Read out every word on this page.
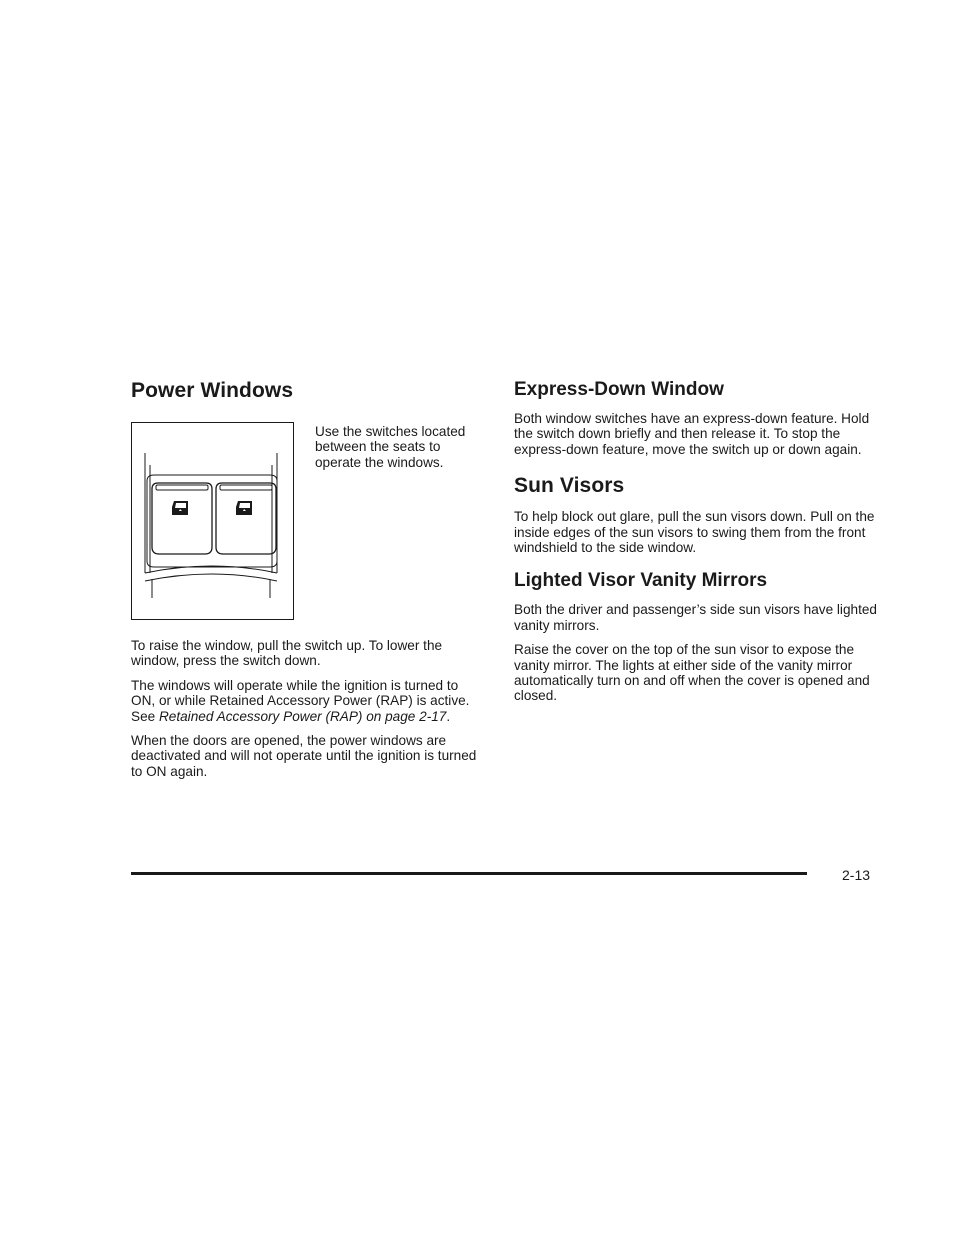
Power Windows

Use the switches located between the seats to operate the windows.

To raise the window, pull the switch up. To lower the window, press the switch down.

The windows will operate while the ignition is turned to ON, or while Retained Accessory Power (RAP) is active. See Retained Accessory Power (RAP) on page 2-17.

When the doors are opened, the power windows are deactivated and will not operate until the ignition is turned to ON again.

Express-Down Window

Both window switches have an express-down feature. Hold the switch down briefly and then release it. To stop the express-down feature, move the switch up or down again.

Sun Visors

To help block out glare, pull the sun visors down. Pull on the inside edges of the sun visors to swing them from the front windshield to the side window.

Lighted Visor Vanity Mirrors

Both the driver and passenger’s side sun visors have lighted vanity mirrors.

Raise the cover on the top of the sun visor to expose the vanity mirror. The lights at either side of the vanity mirror automatically turn on and off when the cover is opened and closed.

2-13
